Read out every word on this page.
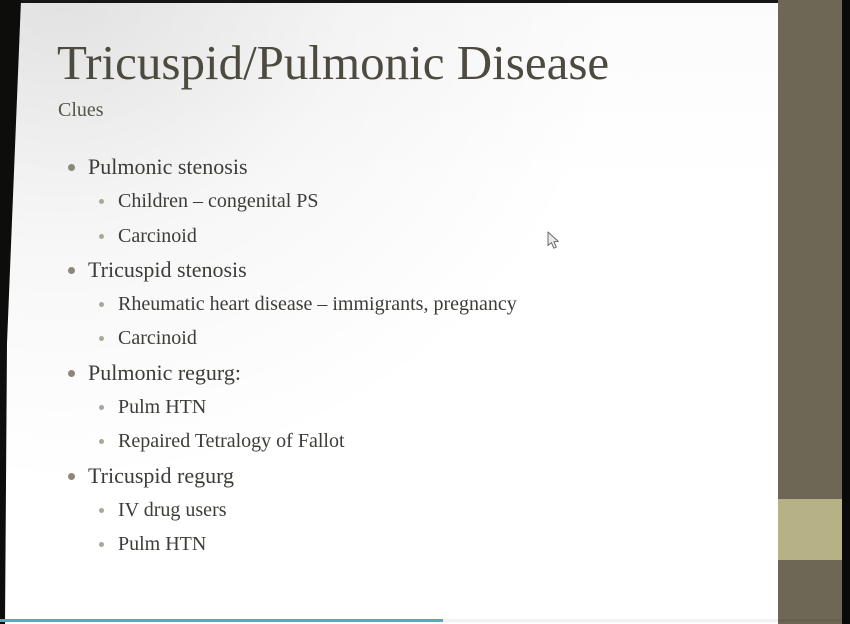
Tricuspid/Pulmonic Disease
Clues
Pulmonic stenosis
Children – congenital PS
Carcinoid
Tricuspid stenosis
Rheumatic heart disease – immigrants, pregnancy
Carcinoid
Pulmonic regurg:
Pulm HTN
Repaired Tetralogy of Fallot
Tricuspid regurg
IV drug users
Pulm HTN
